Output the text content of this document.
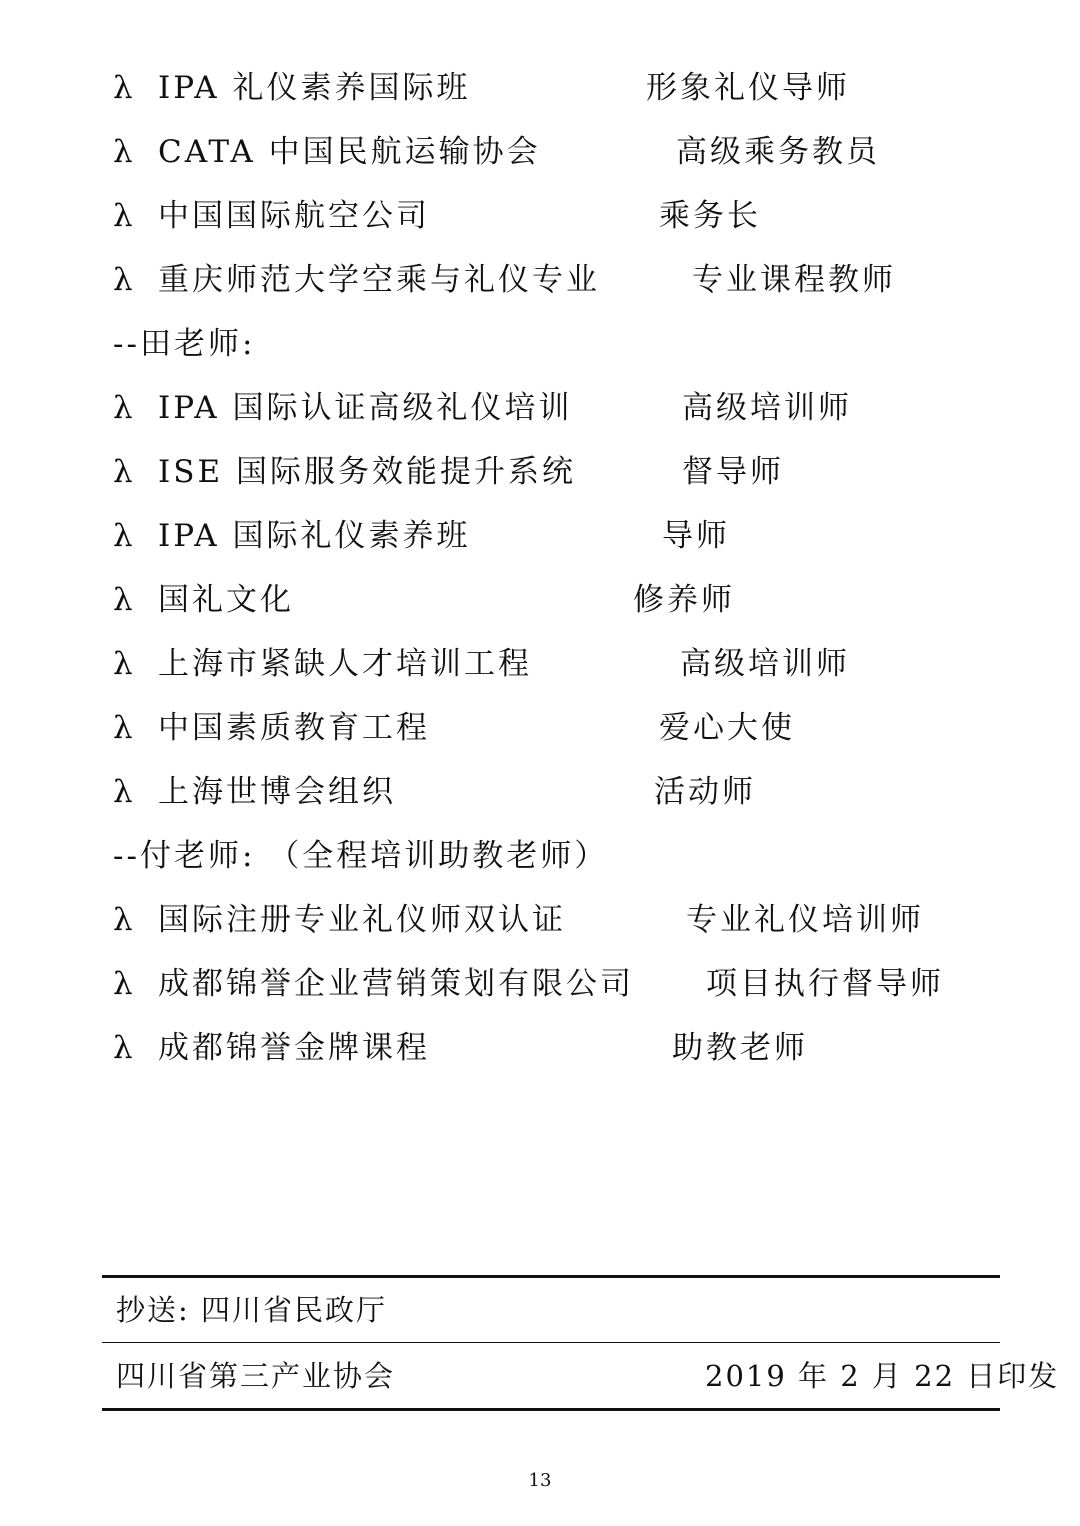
λ IPA 礼仪素养国际班	形象礼仪导师
λ CATA 中国民航运输协会	高级乘务教员
λ 中国国际航空公司	乘务长
λ 重庆师范大学空乘与礼仪专业	专业课程教师
--田老师:
λ IPA 国际认证高级礼仪培训	高级培训师
λ ISE 国际服务效能提升系统	督导师
λ IPA 国际礼仪素养班	导师
λ 国礼文化	修养师
λ 上海市紧缺人才培训工程	高级培训师
λ 中国素质教育工程	爱心大使
λ 上海世博会组织	活动师
--付老师: （全程培训助教老师）
λ 国际注册专业礼仪师双认证	专业礼仪培训师
λ 成都锦誉企业营销策划有限公司 项目执行督导师
λ 成都锦誉金牌课程	助教老师
抄送: 四川省民政厅
四川省第三产业协会	2019 年 2 月 22 日印发
13
